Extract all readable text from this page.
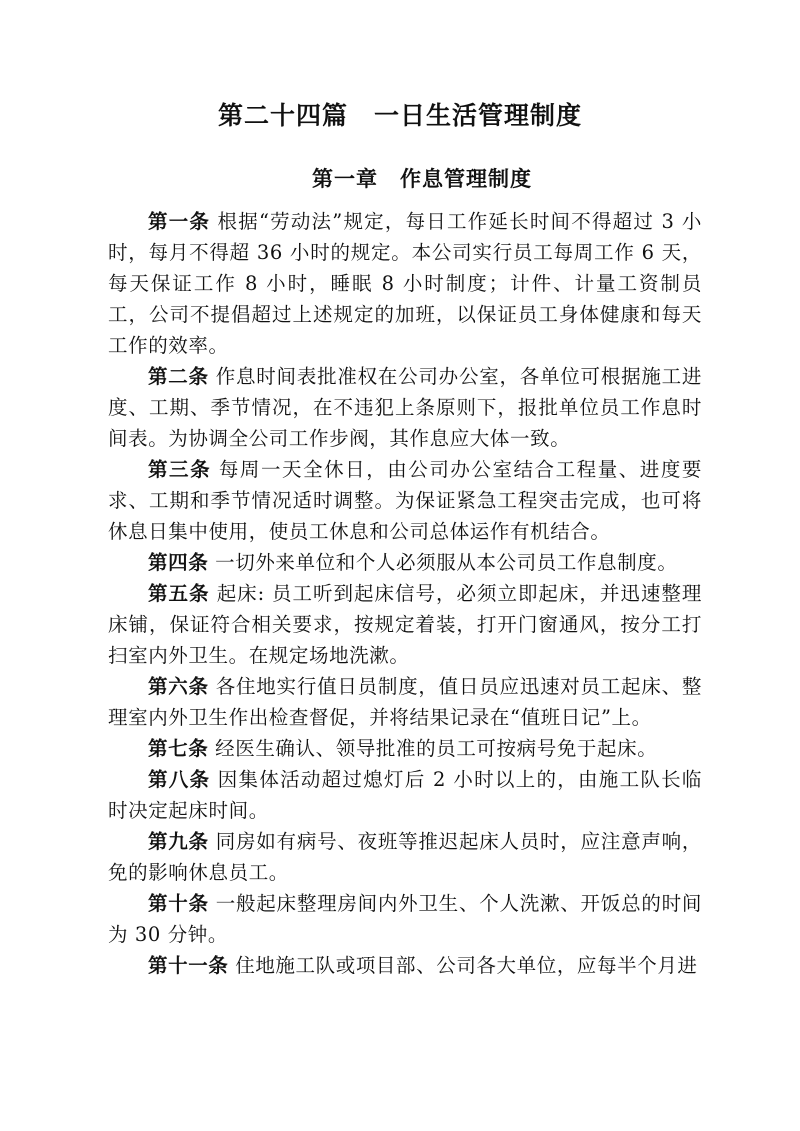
第二十四篇　一日生活管理制度
第一章　作息管理制度

第一条 根据“劳动法”规定，每日工作延长时间不得超过 3 小时，每月不得超 36 小时的规定。本公司实行员工每周工作 6 天，每天保证工作 8 小时，睡眠 8 小时制度；计件、计量工资制员工，公司不提倡超过上述规定的加班，以保证员工身体健康和每天工作的效率。

第二条 作息时间表批准权在公司办公室，各单位可根据施工进度、工期、季节情况，在不违犯上条原则下，报批单位员工作息时间表。为协调全公司工作步阀，其作息应大体一致。

第三条 每周一天全休日，由公司办公室结合工程量、进度要求、工期和季节情况适时调整。为保证紧急工程突击完成，也可将休息日集中使用，使员工休息和公司总体运作有机结合。

第四条 一切外来单位和个人必须服从本公司员工作息制度。

第五条 起床: 员工听到起床信号，必须立即起床，并迅速整理床铺，保证符合相关要求，按规定着装，打开门窗通风，按分工打扫室内外卫生。在规定场地洗漱。

第六条 各住地实行值日员制度，值日员应迅速对员工起床、整理室内外卫生作出检查督促，并将结果记录在“值班日记”上。

第七条 经医生确认、领导批准的员工可按病号免于起床。

第八条 因集体活动超过熄灯后 2 小时以上的，由施工队长临时决定起床时间。

第九条 同房如有病号、夜班等推迟起床人员时，应注意声响，免的影响休息员工。

第十条 一般起床整理房间内外卫生、个人洗漱、开饭总的时间为 30 分钟。

第十一条 住地施工队或项目部、公司各大单位，应每半个月进
